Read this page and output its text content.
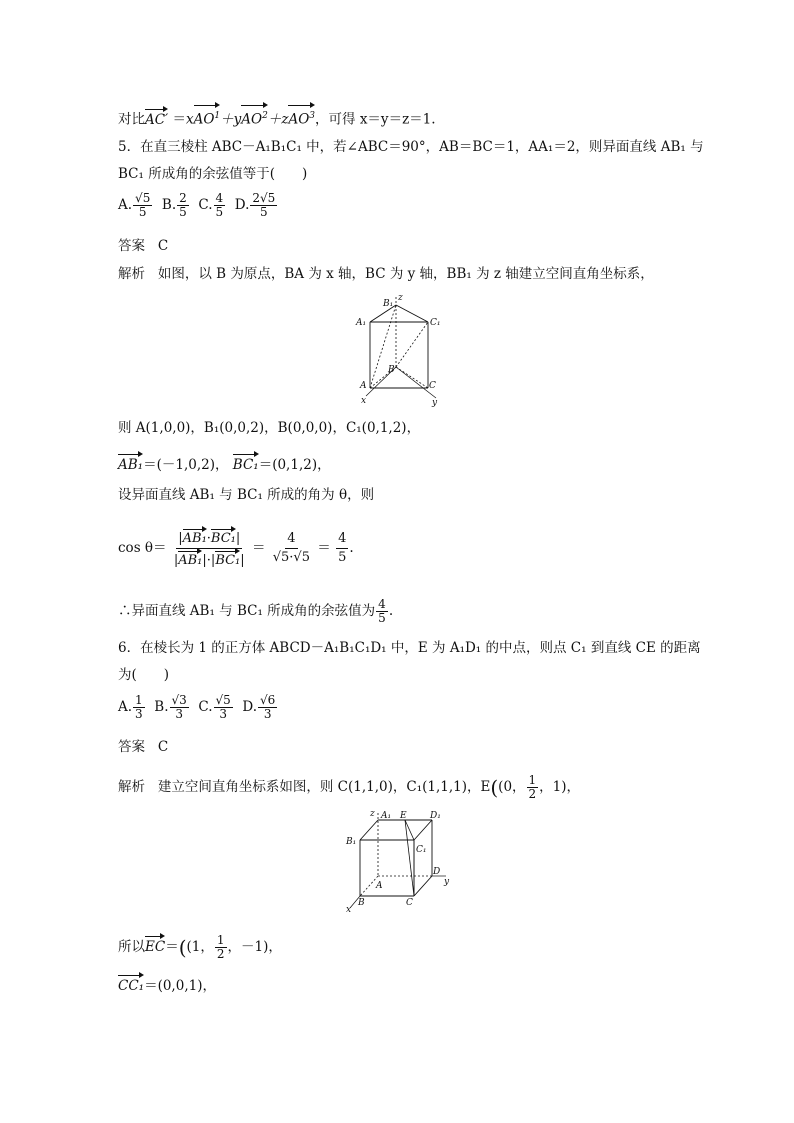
对比AC′ ＝xAO$^1$＋yAO$^2$＋zAO$^3$，可得 x＝y＝z＝1.
5．在直三棱柱 ABC－A₁B₁C₁ 中，若∠ABC＝90°，AB＝BC＝1，AA₁＝2，则异面直线 AB₁ 与
BC₁ 所成角的余弦值等于(　　)
A. $\frac{√5}{5} B$. $\frac{2}{5} C$. $\frac{4}{5} D$. $\frac{2√5}{5}$
答案 C
解析 如图，以 B 为原点，BA 为 x 轴，BC 为 y 轴，BB₁ 为 z 轴建立空间直角坐标系，
B₁
z
A₁	C₁
B
A	C
x	y
则 A(1,0,0)，B₁(0,0,2)，B(0,0,0)，C₁(0,1,2)，
AB₁＝(－1,0,2)， BC₁＝(0,1,2)，
设异面直线 AB₁ 与 BC₁ 所成的角为 θ，则
$\cos \theta= \frac{\text{|AB₁·BC₁|}}{\text{|AB₁|·|BC₁|}} = \frac{4}{√5\cdot√5} = \frac{4}{5}$ .
∴异面直线 AB₁ 与 BC₁ 所成角的余弦值为 $\frac{4}{5}$ .
6．在棱长为 1 的正方体 ABCD－A₁B₁C₁D₁ 中，E 为 A₁D₁ 的中点，则点 C₁ 到直线 CE 的距离
为(　　)
A. $\frac{1}{3} B$. $\frac{√3}{3} C$. $\frac{√5}{3} D$. $\frac{√6}{3}$
答案 C
解析 建立空间直角坐标系如图，则 C(1,1,0)，C₁(1,1,1)，E((0， $\frac{1}{2}$ ，1)，
z A₁ E	D₁
B₁
C₁
A
D
y
B	C
x
所以EC＝((1， $\frac{1}{2}$ ，－1)，
CC₁＝(0,0,1)，
